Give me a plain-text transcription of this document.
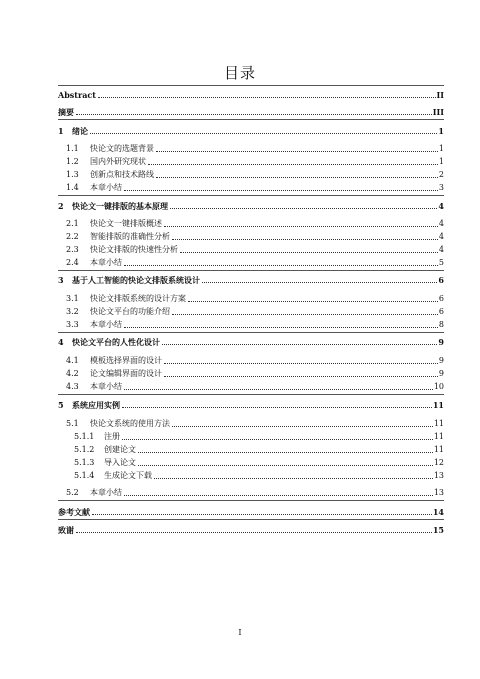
目录
Abstract	II
摘要	III
1	绪论	1
1.1	快论文的选题背景	1
1.2	国内外研究现状	1
1.3	创新点和技术路线	2
1.4	本章小结	3
2	快论文一键排版的基本原理	4
2.1	快论文一键排版概述	4
2.2	智能排版的准确性分析	4
2.3	快论文排版的快速性分析	4
2.4	本章小结	5
3	基于人工智能的快论文排版系统设计	6
3.1	快论文排版系统的设计方案	6
3.2	快论文平台的功能介绍	6
3.3	本章小结	8
4	快论文平台的人性化设计	9
4.1	模板选择界面的设计	9
4.2	论文编辑界面的设计	9
4.3	本章小结	10
5	系统应用实例	11
5.1	快论文系统的使用方法	11
5.1.1	注册	11
5.1.2	创建论文	11
5.1.3	导入论文	12
5.1.4	生成论文下载	13
5.2	本章小结	13
参考文献	14
致谢	15
I
